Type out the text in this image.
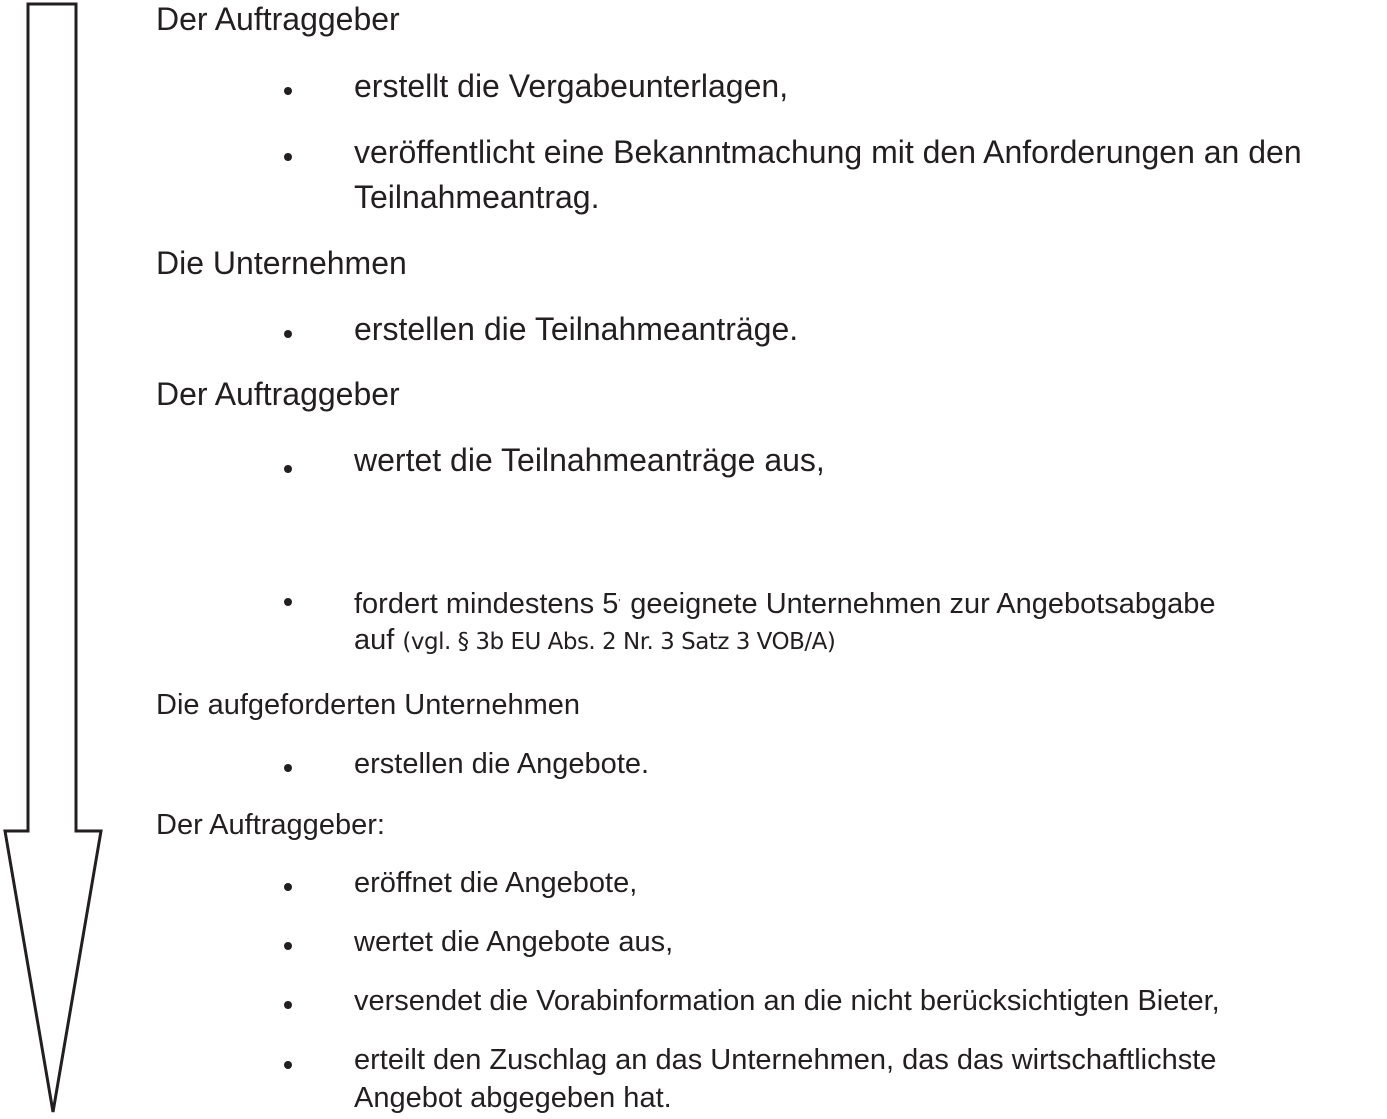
Der Auftraggeber
erstellt die Vergabeunterlagen,
veröffentlicht eine Bekanntmachung mit den Anforderungen an den
Teilnahmeantrag.
Die Unternehmen
erstellen die Teilnahmeanträge.
Der Auftraggeber
wertet die Teilnahmeanträge aus,
fordert mindestens 5' geeignete Unternehmen zur Angebotsabgabe
auf (vgl. § 3b EU Abs. 2 Nr. 3 Satz 3 VOB/A)
Die aufgeforderten Unternehmen
erstellen die Angebote.
Der Auftraggeber:
eröffnet die Angebote,
wertet die Angebote aus,
versendet die Vorabinformation an die nicht berücksichtigten Bieter,
erteilt den Zuschlag an das Unternehmen, das das wirtschaftlichste
Angebot abgegeben hat.
